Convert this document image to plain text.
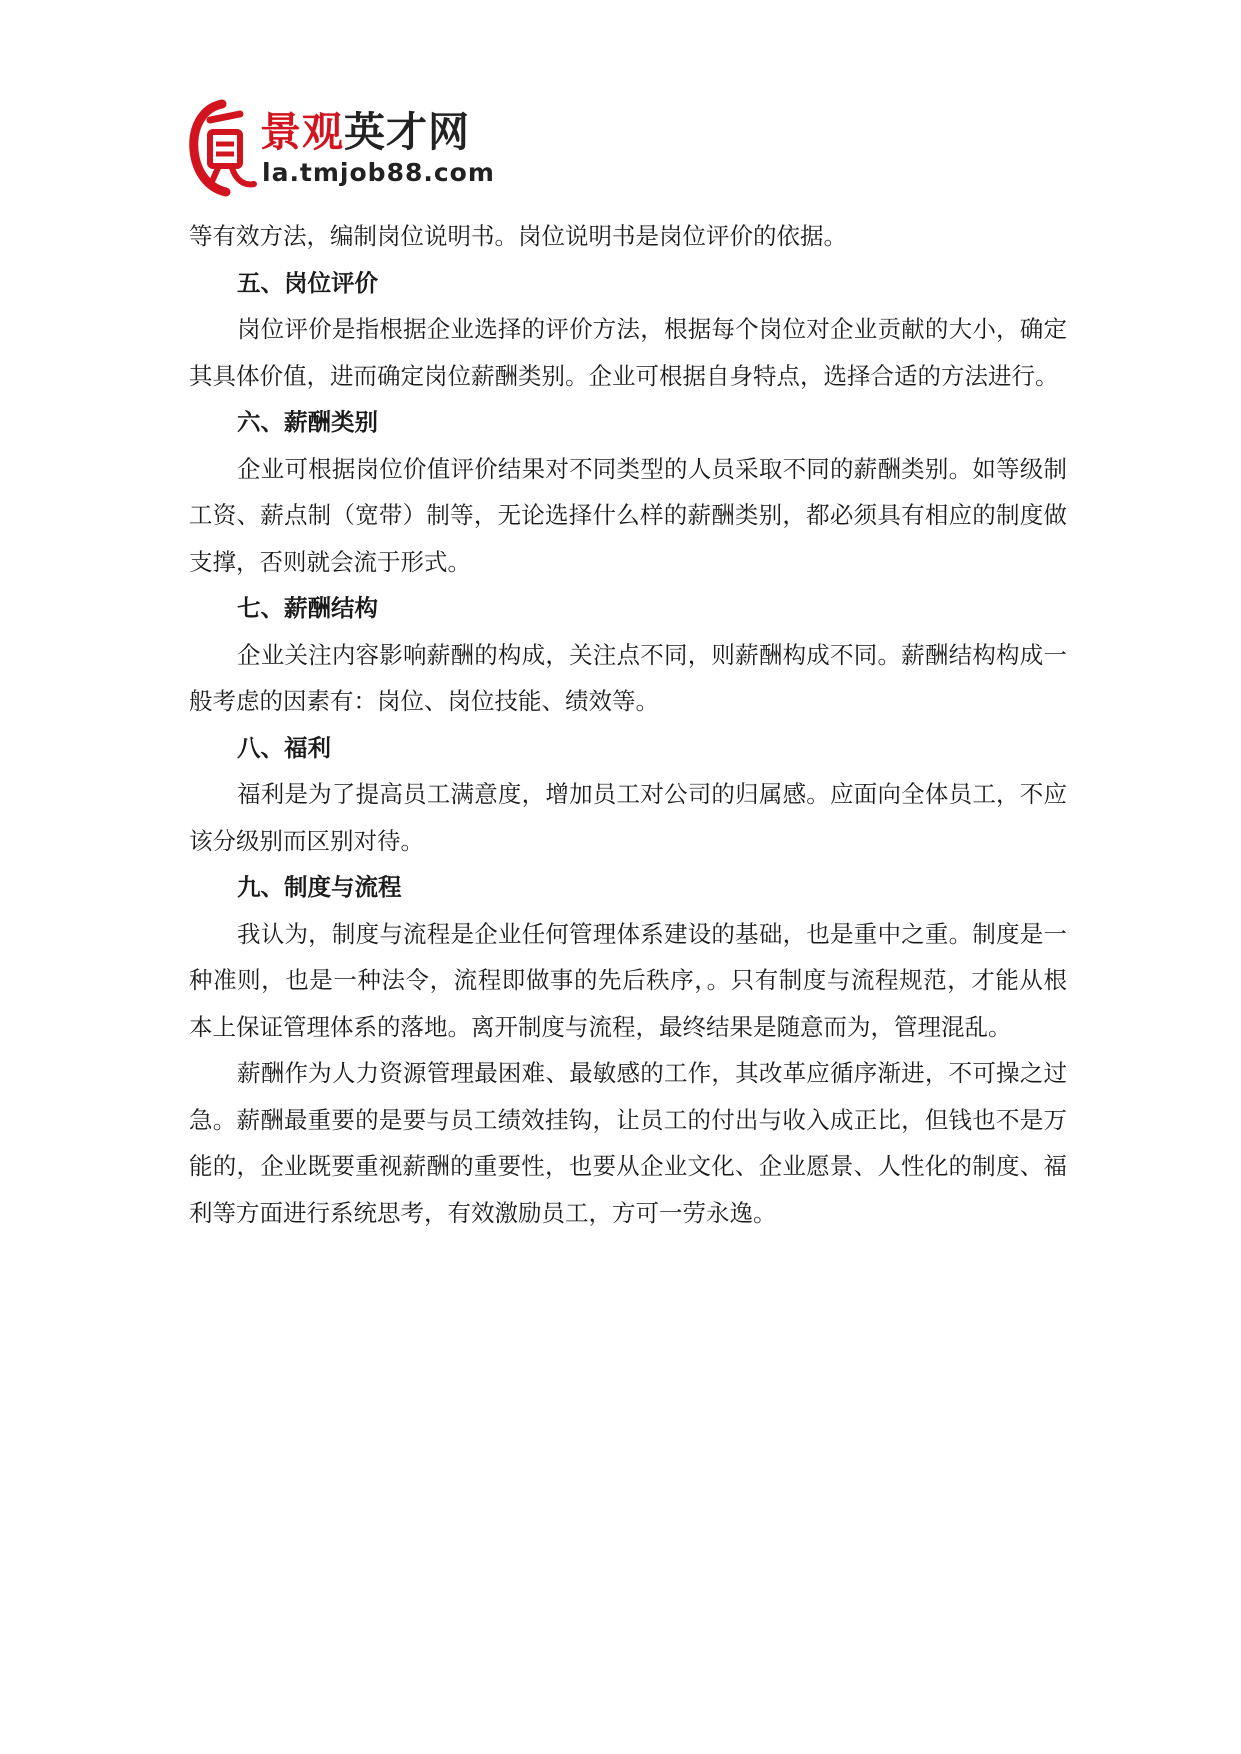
景观英才网
la.tmjob88.com

等有效方法，编制岗位说明书。岗位说明书是岗位评价的依据。

五、岗位评价

岗位评价是指根据企业选择的评价方法，根据每个岗位对企业贡献的大小，确定其具体价值，进而确定岗位薪酬类别。企业可根据自身特点，选择合适的方法进行。

六、薪酬类别

企业可根据岗位价值评价结果对不同类型的人员采取不同的薪酬类别。如等级制工资、薪点制（宽带）制等，无论选择什么样的薪酬类别，都必须具有相应的制度做支撑，否则就会流于形式。

七、薪酬结构

企业关注内容影响薪酬的构成，关注点不同，则薪酬构成不同。薪酬结构构成一般考虑的因素有：岗位、岗位技能、绩效等。

八、福利

福利是为了提高员工满意度，增加员工对公司的归属感。应面向全体员工，不应该分级别而区别对待。

九、制度与流程

我认为，制度与流程是企业任何管理体系建设的基础，也是重中之重。制度是一种准则，也是一种法令，流程即做事的先后秩序，。只有制度与流程规范，才能从根本上保证管理体系的落地。离开制度与流程，最终结果是随意而为，管理混乱。

薪酬作为人力资源管理最困难、最敏感的工作，其改革应循序渐进，不可操之过急。薪酬最重要的是要与员工绩效挂钩，让员工的付出与收入成正比，但钱也不是万能的，企业既要重视薪酬的重要性，也要从企业文化、企业愿景、人性化的制度、福利等方面进行系统思考，有效激励员工，方可一劳永逸。
